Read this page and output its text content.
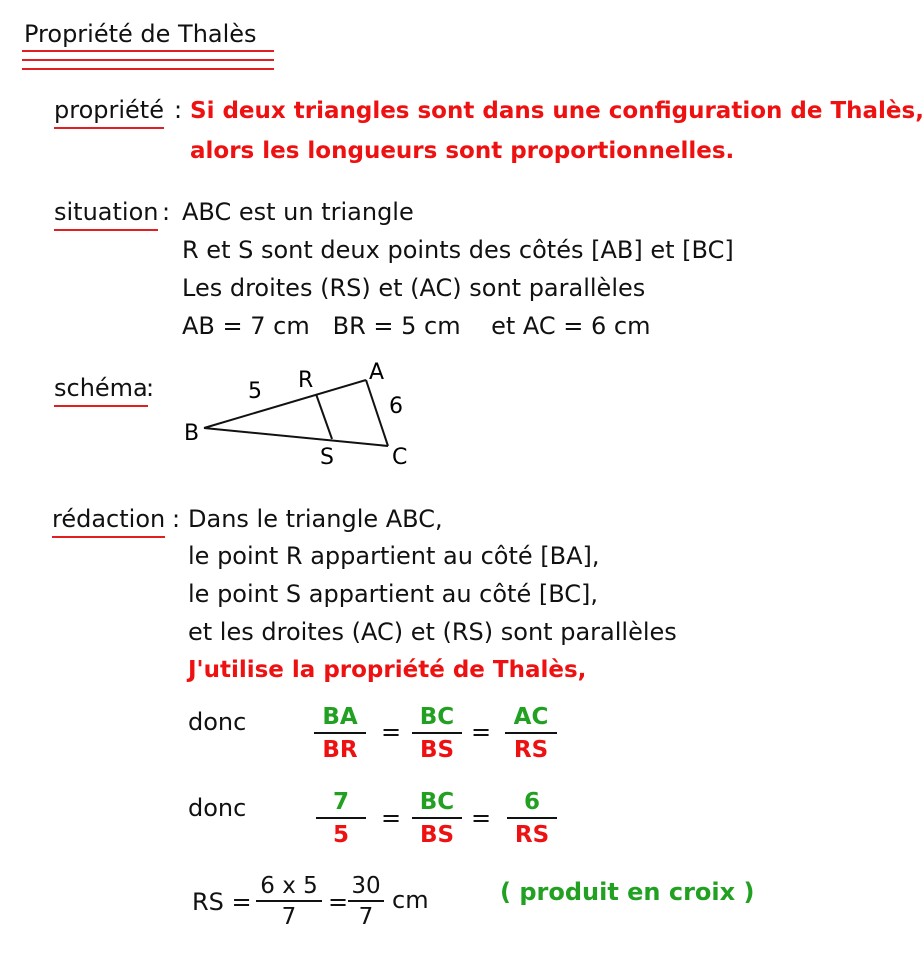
Propriété de Thalès
propriété : Si deux triangles sont dans une configuration de Thalès,
alors les longueurs sont proportionnelles.
situation : ABC est un triangle
R et S sont deux points des côtés [AB] et [BC]
Les droites (RS) et (AC) sont parallèles
AB = 7 cm   BR = 5 cm    et AC = 6 cm
schéma
:
B
A
C
R
S
5
6
rédaction : Dans le triangle ABC,
le point R appartient au côté [BA],
le point S appartient au côté [BC],
et les droites (AC) et (RS) sont parallèles
J'utilise la propriété de Thalès,
donc	BA
BR
=
BC
BS
=
AC
RS
donc	7
5
=
BC
BS
=
6
RS
RS =
6 x 5
7
=
30
7
cm	( produit en croix )
